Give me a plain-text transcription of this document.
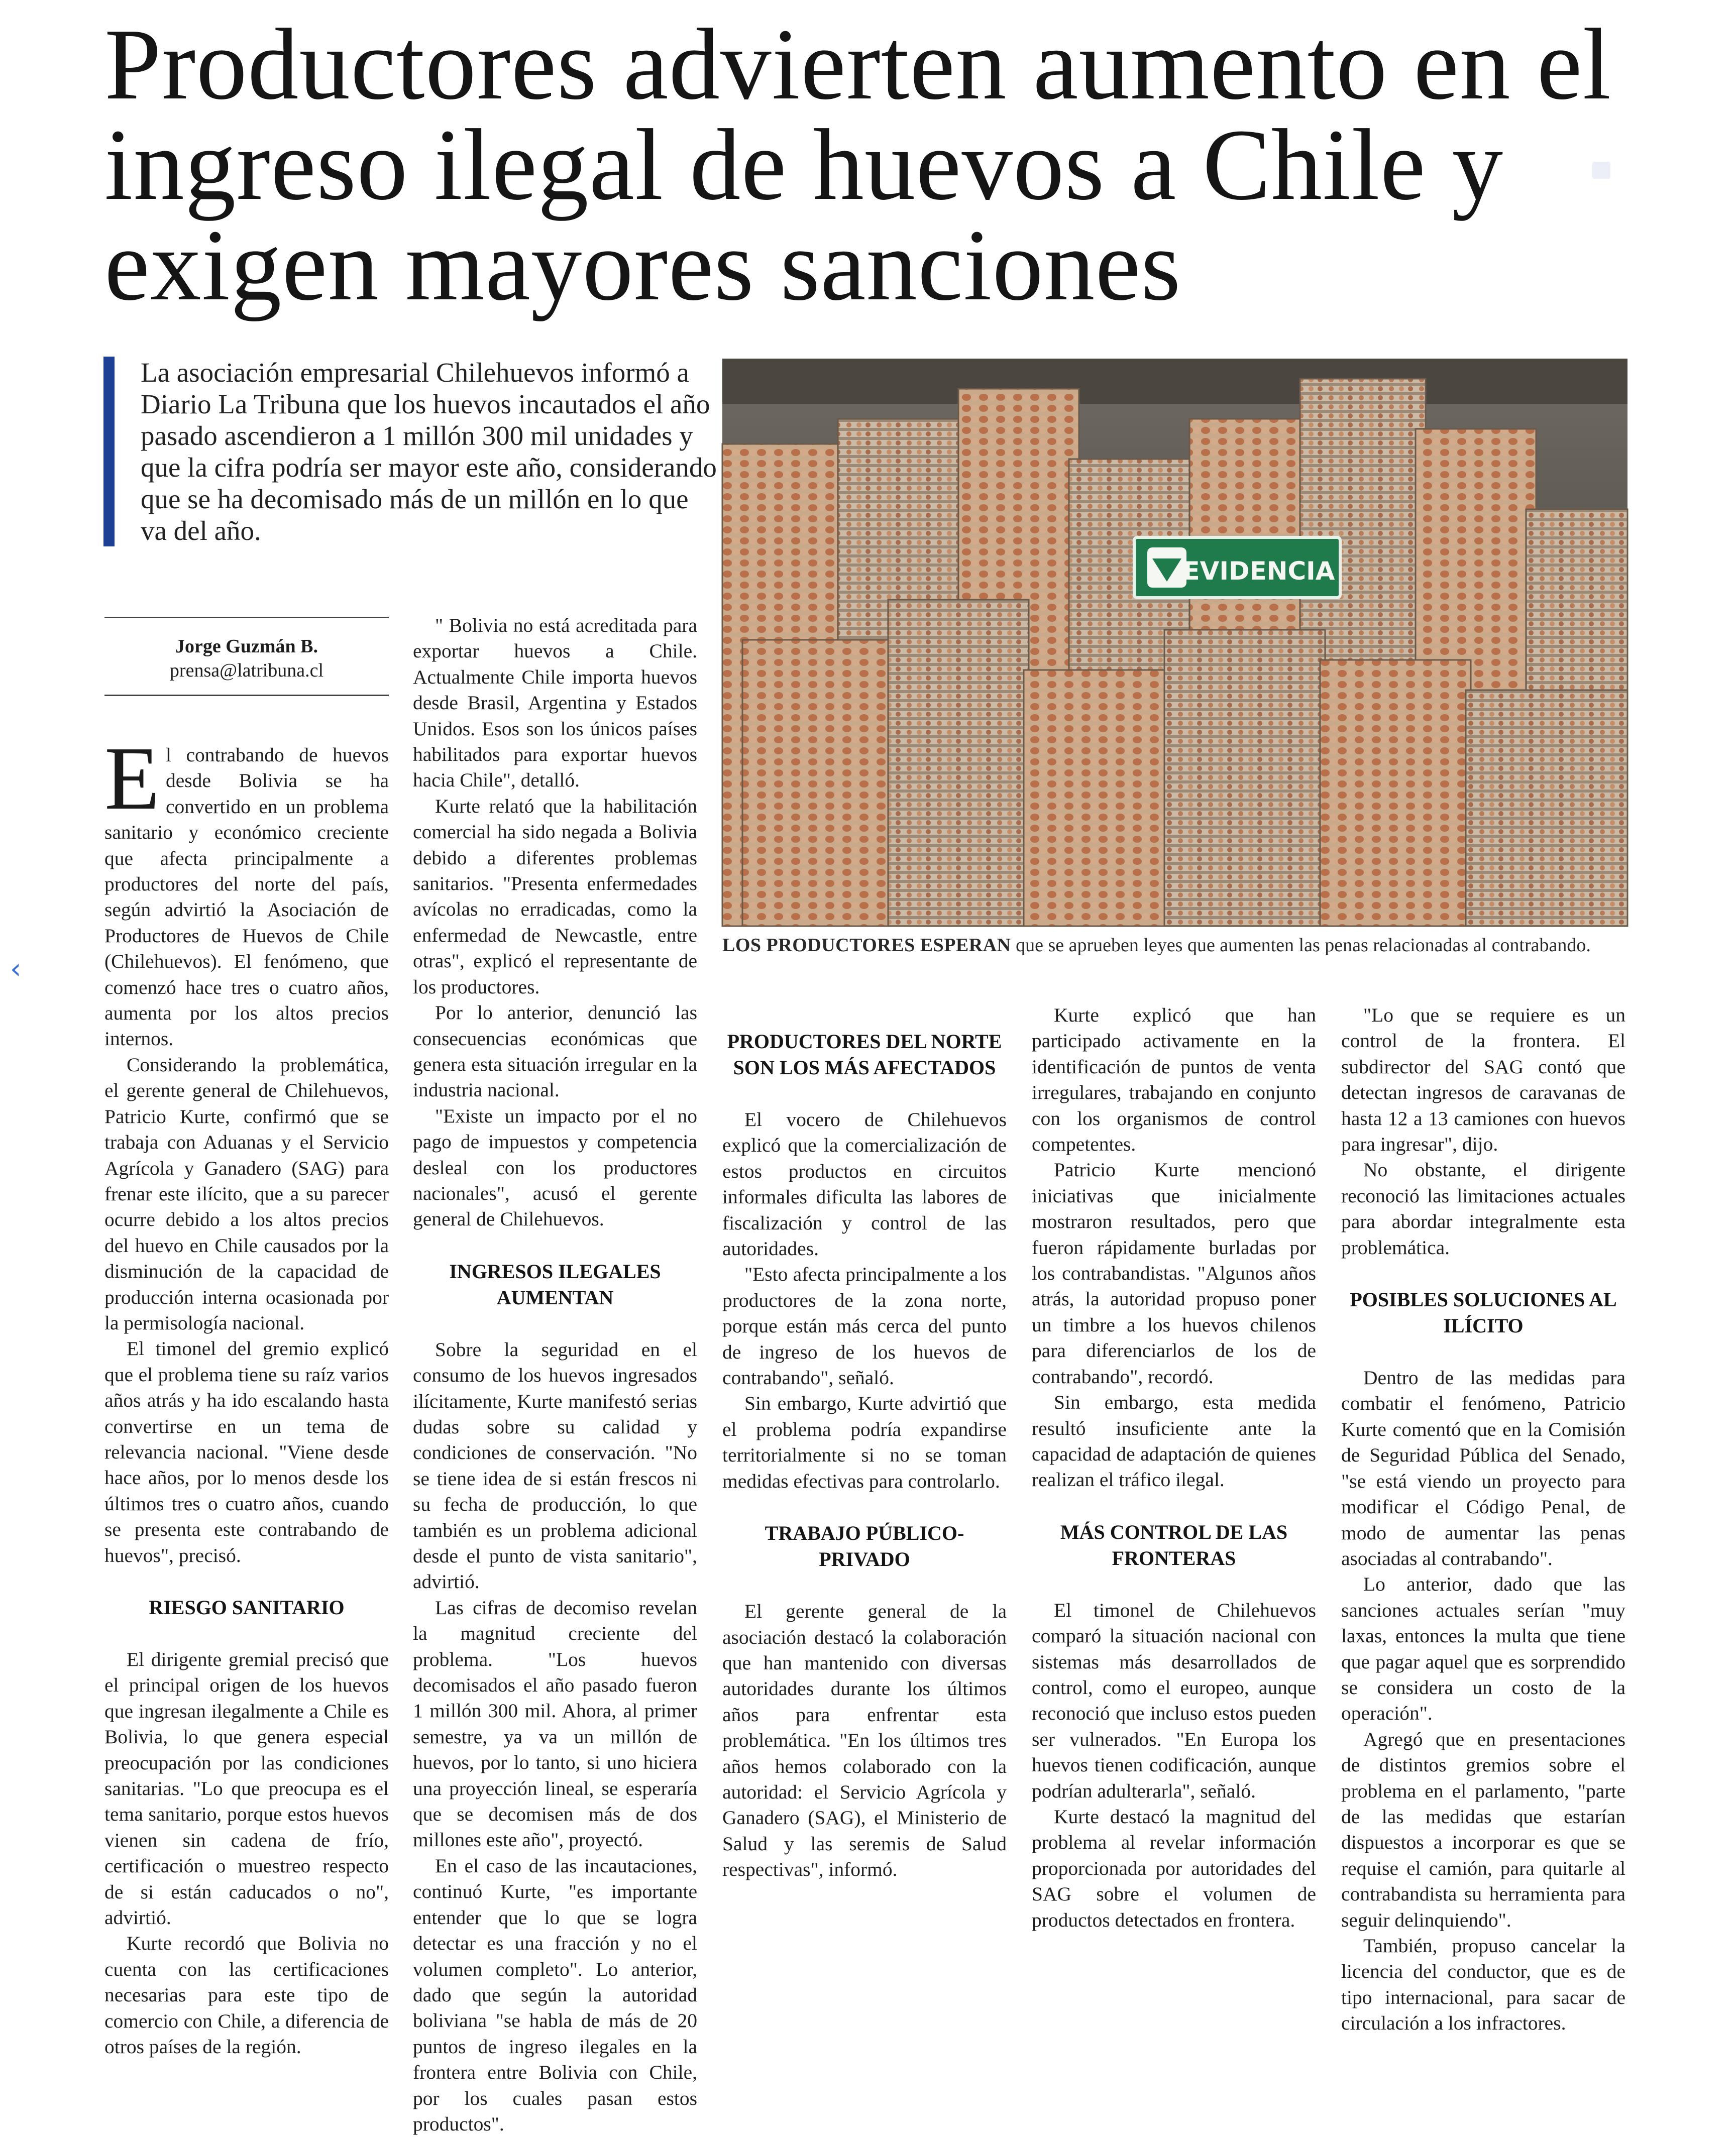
Productores advierten aumento en el ingreso ilegal de huevos a Chile y exigen mayores sanciones
La asociación empresarial Chilehuevos informó a Diario La Tribuna que los huevos incautados el año pasado ascendieron a 1 millón 300 mil unidades y que la cifra podría ser mayor este año, considerando que se ha decomisado más de un millón en lo que va del año.
Jorge Guzmán B.
prensa@latribuna.cl
EVIDENCIA
LOS PRODUCTORES ESPERAN que se aprueben leyes que aumenten las penas relacionadas al contrabando.

El contrabando de huevos desde Bolivia se ha convertido en un problema sanitario y económico creciente que afecta principalmente a productores del norte del país, según advirtió la Asociación de Productores de Huevos de Chile (Chilehuevos). El fenómeno, que comenzó hace tres o cuatro años, aumenta por los altos precios internos.

Considerando la problemática, el gerente general de Chilehuevos, Patricio Kurte, confirmó que se trabaja con Aduanas y el Servicio Agrícola y Ganadero (SAG) para frenar este ilícito, que a su parecer ocurre debido a los altos precios del huevo en Chile causados por la disminución de la capacidad de producción interna ocasionada por la permisología nacional.

El timonel del gremio explicó que el problema tiene su raíz varios años atrás y ha ido escalando hasta convertirse en un tema de relevancia nacional. "Viene desde hace años, por lo menos desde los últimos tres o cuatro años, cuando se presenta este contrabando de huevos", precisó.

RIESGO SANITARIO

El dirigente gremial precisó que el principal origen de los huevos que ingresan ilegalmente a Chile es Bolivia, lo que genera especial preocupación por las condiciones sanitarias. "Lo que preocupa es el tema sanitario, porque estos huevos vienen sin cadena de frío, certificación o muestreo respecto de si están caducados o no", advirtió.

Kurte recordó que Bolivia no cuenta con las certificaciones necesarias para este tipo de comercio con Chile, a diferencia de otros países de la región.

" Bolivia no está acreditada para exportar huevos a Chile. Actualmente Chile importa huevos desde Brasil, Argentina y Estados Unidos. Esos son los únicos países habilitados para exportar huevos hacia Chile", detalló.

Kurte relató que la habilitación comercial ha sido negada a Bolivia debido a diferentes problemas sanitarios. "Presenta enfermedades avícolas no erradicadas, como la enfermedad de Newcastle, entre otras", explicó el representante de los productores.

Por lo anterior, denunció las consecuencias económicas que genera esta situación irregular en la industria nacional.

"Existe un impacto por el no pago de impuestos y competencia desleal con los productores nacionales", acusó el gerente general de Chilehuevos.

INGRESOS ILEGALES AUMENTAN

Sobre la seguridad en el consumo de los huevos ingresados ilícitamente, Kurte manifestó serias dudas sobre su calidad y condiciones de conservación. "No se tiene idea de si están frescos ni su fecha de producción, lo que también es un problema adicional desde el punto de vista sanitario", advirtió.

Las cifras de decomiso revelan la magnitud creciente del problema. "Los huevos decomisados el año pasado fueron 1 millón 300 mil. Ahora, al primer semestre, ya va un millón de huevos, por lo tanto, si uno hiciera una proyección lineal, se esperaría que se decomisen más de dos millones este año", proyectó.

En el caso de las incautaciones, continuó Kurte, "es importante entender que lo que se logra detectar es una fracción y no el volumen completo". Lo anterior, dado que según la autoridad boliviana "se habla de más de 20 puntos de ingreso ilegales en la frontera entre Bolivia con Chile, por los cuales pasan estos productos".

PRODUCTORES DEL NORTE SON LOS MÁS AFECTADOS

El vocero de Chilehuevos explicó que la comercialización de estos productos en circuitos informales dificulta las labores de fiscalización y control de las autoridades.

"Esto afecta principalmente a los productores de la zona norte, porque están más cerca del punto de ingreso de los huevos de contrabando", señaló.

Sin embargo, Kurte advirtió que el problema podría expandirse territorialmente si no se toman medidas efectivas para controlarlo.

TRABAJO PÚBLICO-PRIVADO

El gerente general de la asociación destacó la colaboración que han mantenido con diversas autoridades durante los últimos años para enfrentar esta problemática. "En los últimos tres años hemos colaborado con la autoridad: el Servicio Agrícola y Ganadero (SAG), el Ministerio de Salud y las seremis de Salud respectivas", informó.

Kurte explicó que han participado activamente en la identificación de puntos de venta irregulares, trabajando en conjunto con los organismos de control competentes.

Patricio Kurte mencionó iniciativas que inicialmente mostraron resultados, pero que fueron rápidamente burladas por los contrabandistas. "Algunos años atrás, la autoridad propuso poner un timbre a los huevos chilenos para diferenciarlos de los de contrabando", recordó.

Sin embargo, esta medida resultó insuficiente ante la capacidad de adaptación de quienes realizan el tráfico ilegal.

MÁS CONTROL DE LAS FRONTERAS

El timonel de Chilehuevos comparó la situación nacional con sistemas más desarrollados de control, como el europeo, aunque reconoció que incluso estos pueden ser vulnerados. "En Europa los huevos tienen codificación, aunque podrían adulterarla", señaló.

Kurte destacó la magnitud del problema al revelar información proporcionada por autoridades del SAG sobre el volumen de productos detectados en frontera.

"Lo que se requiere es un control de la frontera. El subdirector del SAG contó que detectan ingresos de caravanas de hasta 12 a 13 camiones con huevos para ingresar", dijo.

No obstante, el dirigente reconoció las limitaciones actuales para abordar integralmente esta problemática.

POSIBLES SOLUCIONES AL ILÍCITO

Dentro de las medidas para combatir el fenómeno, Patricio Kurte comentó que en la Comisión de Seguridad Pública del Senado, "se está viendo un proyecto para modificar el Código Penal, de modo de aumentar las penas asociadas al contrabando".

Lo anterior, dado que las sanciones actuales serían "muy laxas, entonces la multa que tiene que pagar aquel que es sorprendido se considera un costo de la operación".

Agregó que en presentaciones de distintos gremios sobre el problema en el parlamento, "parte de las medidas que estarían dispuestos a incorporar es que se requise el camión, para quitarle al contrabandista su herramienta para seguir delinquiendo".

También, propuso cancelar la licencia del conductor, que es de tipo internacional, para sacar de circulación a los infractores.

‹
